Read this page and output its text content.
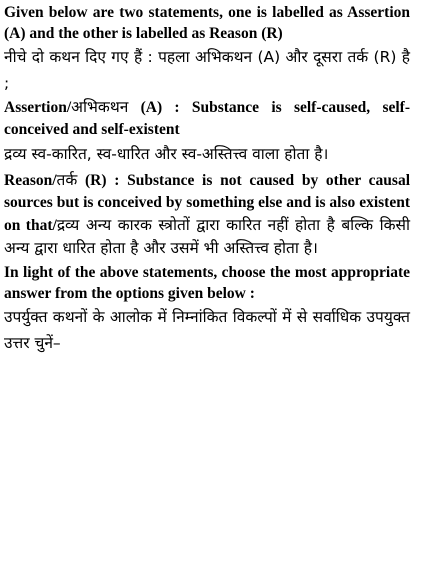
Given below are two statements, one is labelled as Assertion (A) and the other is labelled as Reason (R)

नीचे दो कथन दिए गए हैं : पहला अभिकथन (A) और दूसरा तर्क (R) है ;

Assertion/अभिकथन (A) : Substance is self-caused, self-conceived and self-existent

द्रव्य स्व-कारित, स्व-धारित और स्व-अस्तित्त्व वाला होता है।

Reason/तर्क (R) : Substance is not caused by other causal sources but is conceived by something else and is also existent on that/द्रव्य अन्य कारक स्त्रोतों द्वारा कारित नहीं होता है बल्कि किसी अन्य द्वारा धारित होता है और उसमें भी अस्तित्त्व होता है।

In light of the above statements, choose the most appropriate answer from the options given below :

उपर्युक्त कथनों के आलोक में निम्नांकित विकल्पों में से सर्वाधिक उपयुक्त उत्तर चुनें–
